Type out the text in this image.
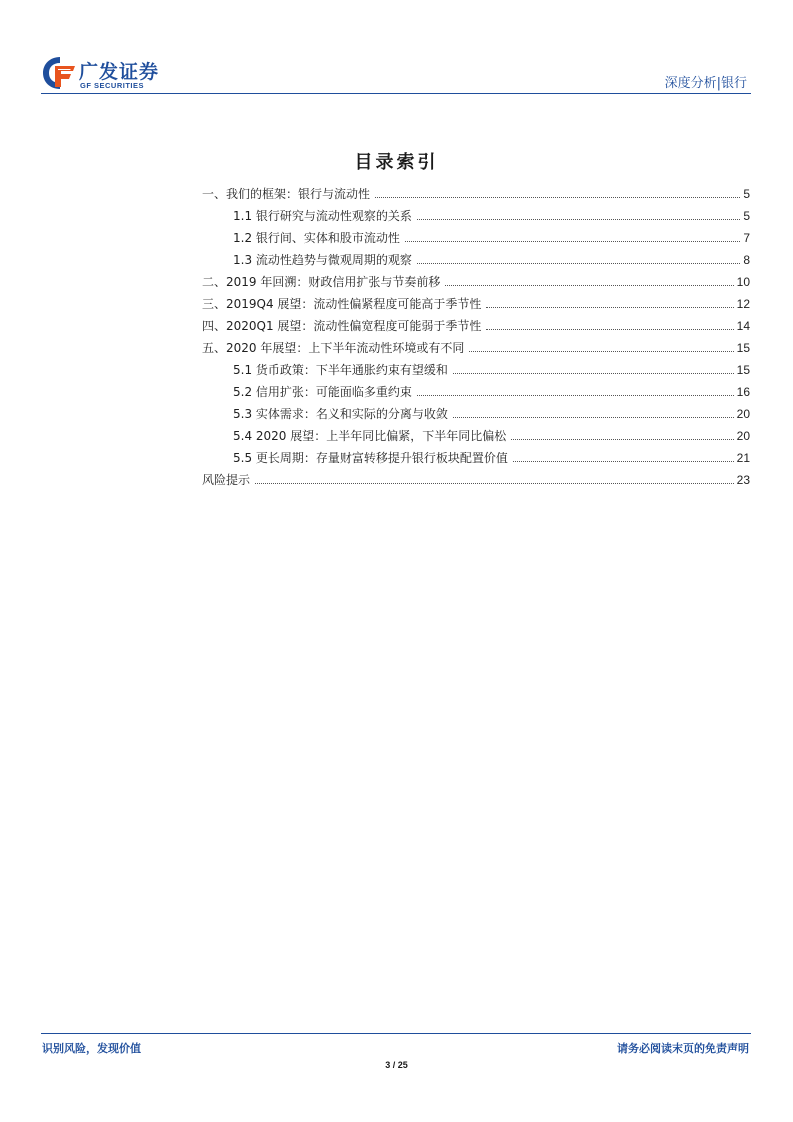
广发证券
GF SECURITIES	深度分析|银行
目录索引
一、我们的框架：银行与流动性	5
1.1 银行研究与流动性观察的关系	5
1.2 银行间、实体和股市流动性	7
1.3 流动性趋势与微观周期的观察	8
二、2019 年回溯：财政信用扩张与节奏前移	10
三、2019Q4 展望：流动性偏紧程度可能高于季节性	12
四、2020Q1 展望：流动性偏宽程度可能弱于季节性	14
五、2020 年展望：上下半年流动性环境或有不同	15
5.1 货币政策：下半年通胀约束有望缓和	15
5.2 信用扩张：可能面临多重约束	16
5.3 实体需求：名义和实际的分离与收敛	20
5.4 2020 展望：上半年同比偏紧，下半年同比偏松	20
5.5 更长周期：存量财富转移提升银行板块配置价值	21
风险提示	23
识别风险，发现价值	请务必阅读末页的免责声明
3 / 25
